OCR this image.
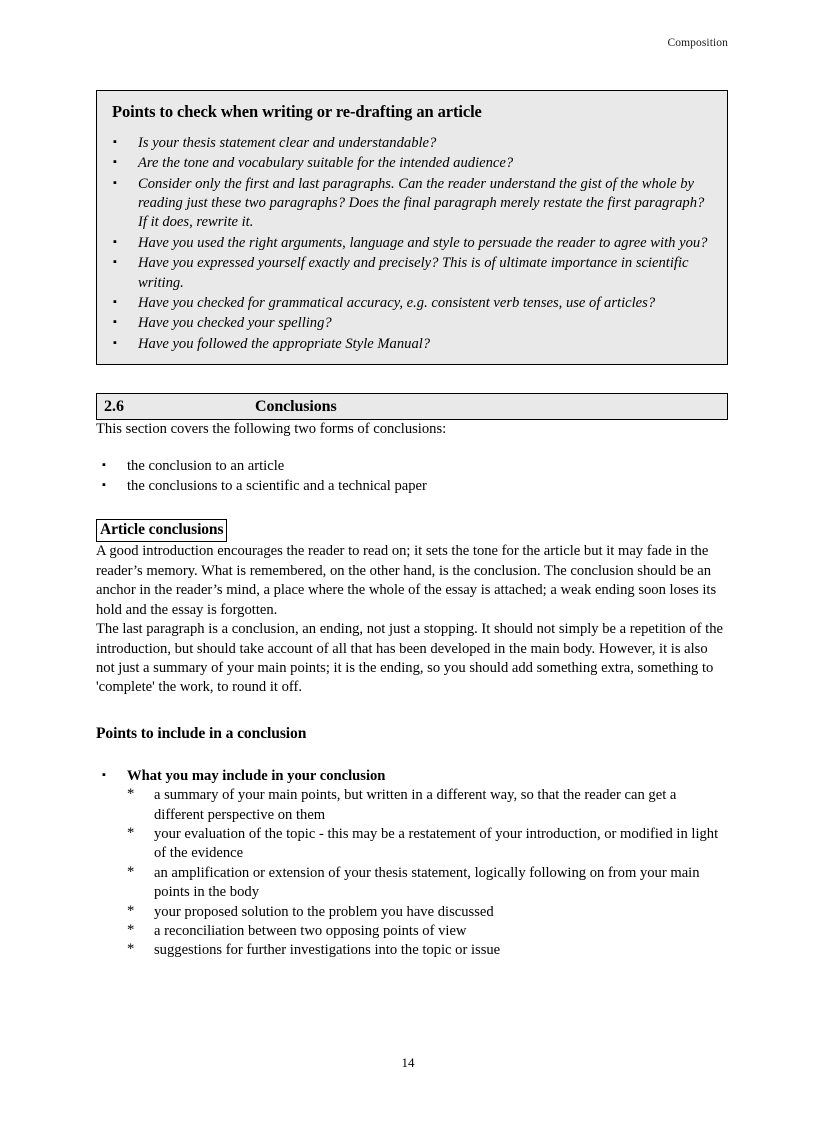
Composition
Points to check when writing or re-drafting an article
▪ Is your thesis statement clear and understandable?
▪ Are the tone and vocabulary suitable for the intended audience?
▪ Consider only the first and last paragraphs. Can the reader understand the gist of the whole by reading just these two paragraphs? Does the final paragraph merely restate the first paragraph? If it does, rewrite it.
▪ Have you used the right arguments, language and style to persuade the reader to agree with you?
▪ Have you expressed yourself exactly and precisely? This is of ultimate importance in scientific writing.
▪ Have you checked for grammatical accuracy, e.g. consistent verb tenses, use of articles?
▪ Have you checked your spelling?
▪ Have you followed the appropriate Style Manual?
2.6	Conclusions

This section covers the following two forms of conclusions:

▪ the conclusion to an article
▪ the conclusions to a scientific and a technical paper
Article conclusions

A good introduction encourages the reader to read on; it sets the tone for the article but it may fade in the reader’s memory. What is remembered, on the other hand, is the conclusion. The conclusion should be an anchor in the reader’s mind, a place where the whole of the essay is attached; a weak ending soon loses its hold and the essay is forgotten.

The last paragraph is a conclusion, an ending, not just a stopping. It should not simply be a repetition of the introduction, but should take account of all that has been developed in the main body. However, it is also not just a summary of your main points; it is the ending, so you should add something extra, something to 'complete' the work, to round it off.

Points to include in a conclusion
▪ What you may include in your conclusion
* a summary of your main points, but written in a different way, so that the reader can get a different perspective on them
* your evaluation of the topic - this may be a restatement of your introduction, or modified in light of the evidence
* an amplification or extension of your thesis statement, logically following on from your main points in the body
* your proposed solution to the problem you have discussed
* a reconciliation between two opposing points of view
* suggestions for further investigations into the topic or issue
14
